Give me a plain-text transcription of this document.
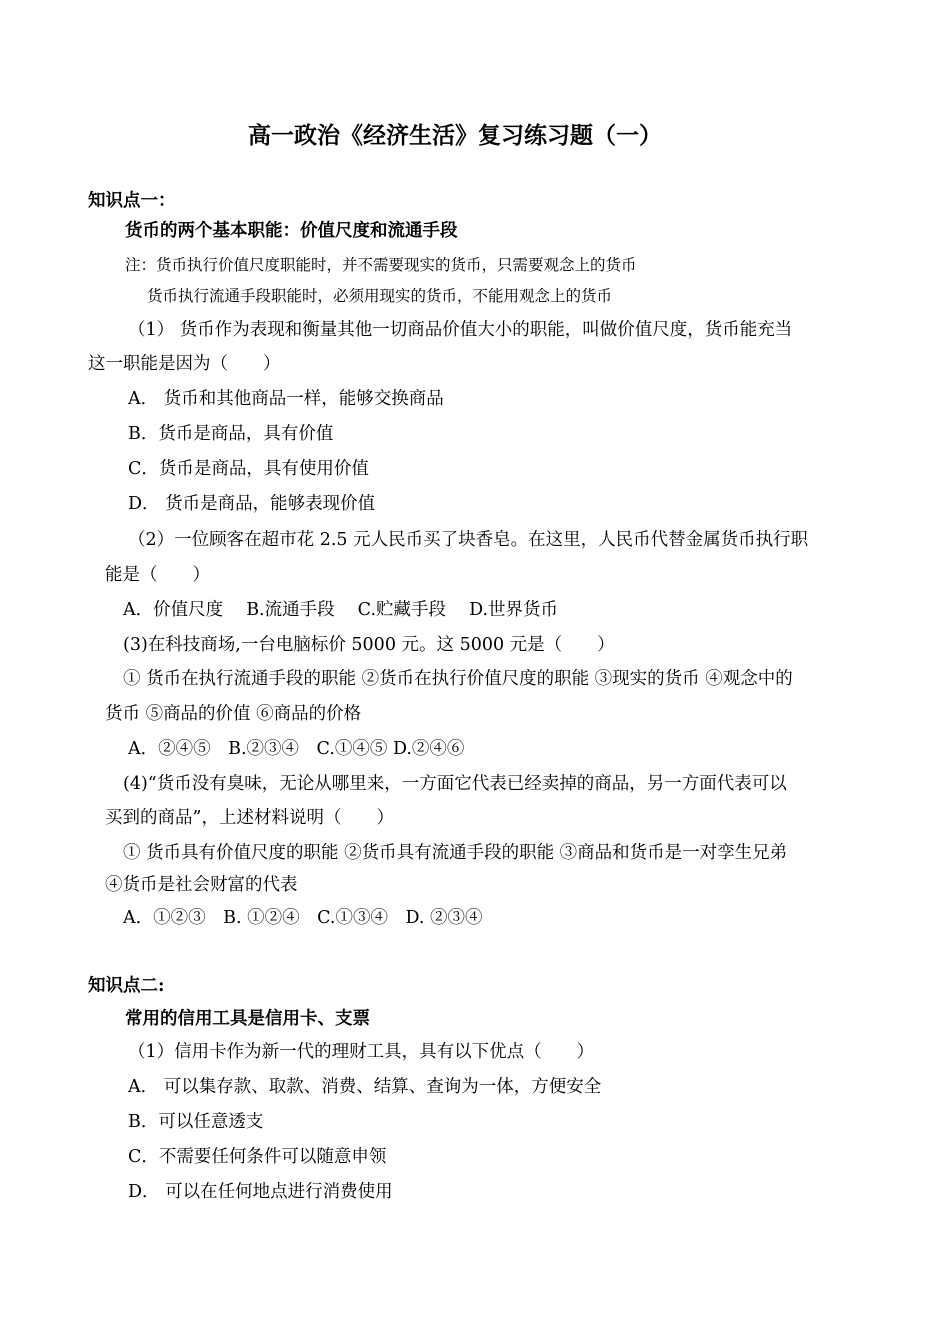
高一政治《经济生活》复习练习题（一）
知识点一：
货币的两个基本职能：价值尺度和流通手段
注：货币执行价值尺度职能时，并不需要现实的货币，只需要观念上的货币
货币执行流通手段职能时，必须用现实的货币，不能用观念上的货币
（1） 货币作为表现和衡量其他一切商品价值大小的职能，叫做价值尺度，货币能充当
这一职能是因为（　　）
A． 货币和其他商品一样，能够交换商品
B．货币是商品，具有价值
C．货币是商品，具有使用价值
D． 货币是商品，能够表现价值
（2）一位顾客在超市花 2.5 元人民币买了块香皂。在这里，人民币代替金属货币执行职
能是（　　）
A．价值尺度　 B.流通手段　 C.贮藏手段　 D.世界货币
(3)在科技商场,一台电脑标价 5000 元。这 5000 元是（　　）
① 货币在执行流通手段的职能 ②货币在执行价值尺度的职能 ③现实的货币 ④观念中的
货币 ⑤商品的价值 ⑥商品的价格
A．②④⑤　B.②③④　C.①④⑤ D.②④⑥
(4)“货币没有臭味，无论从哪里来，一方面它代表已经卖掉的商品，另一方面代表可以
买到的商品”，上述材料说明（　　）
① 货币具有价值尺度的职能 ②货币具有流通手段的职能 ③商品和货币是一对孪生兄弟
④货币是社会财富的代表
A．①②③　B. ①②④　C.①③④　D. ②③④
知识点二:
常用的信用工具是信用卡、支票
（1）信用卡作为新一代的理财工具，具有以下优点（　　）
A． 可以集存款、取款、消费、结算、查询为一体，方便安全
B．可以任意透支
C．不需要任何条件可以随意申领
D． 可以在任何地点进行消费使用
